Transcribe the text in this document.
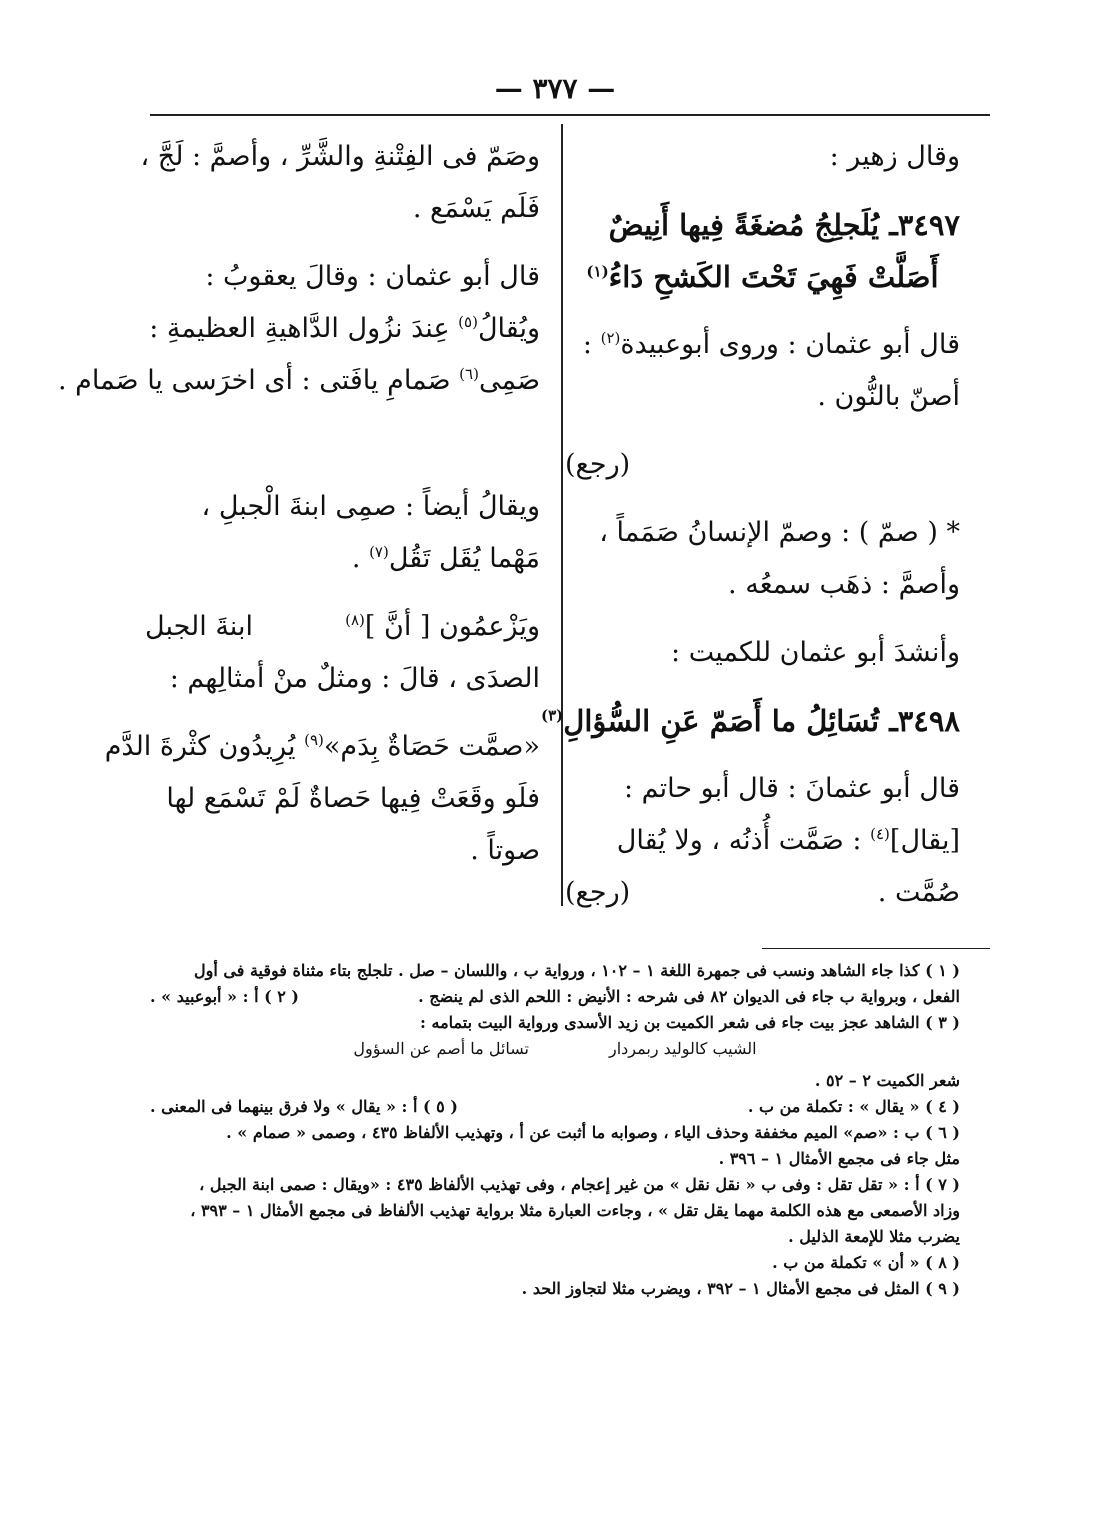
— ٣٧٧ —
وقال زهير :
٣٤٩٧ـ يُلَجلِجُ مُضغَةً فِيها أَنِيضٌ
أَصَلَّتْ فَهِيَ تَحْتَ الكَشحِ دَاءُ$^{(١)}$
قال أبو عثمان : وروى أبوعبيدة$^{(٢)}$ :
أصنّ بالنُّون .
(رجع)
* ( صمّ ) : وصمّ الإنسانُ صَمَماً ،
وأصمَّ : ذهَب سمعُه .
وأنشدَ أبو عثمان للكميت :
٣٤٩٨ـ تُسَائِلُ ما أَصَمّ عَنِ السُّؤالِ$^{(٣)}$
قال أبو عثمانَ : قال أبو حاتم :
[يقال]$^{(٤)}$ : صَمَّت أُذنُه ، ولا يُقال
صُمَّت .
(رجع)
وصَمّ فى الفِتْنةِ والشَّرِّ ، وأصمَّ : لَجَّ ،
فَلَم يَسْمَع .
قال أبو عثمان : وقالَ يعقوبُ :
ويُقالُ$^{(٥)}$ عِندَ نزُول الدَّاهيةِ العظيمةِ :
صَمِى$^{(٦)}$ صَمامِ يافَتى : أى اخرَسى يا صَمام .
ويقالُ أيضاً : صمِى ابنةَ الْجبلِ ،
مَهْما يُقَل تَقُل$^{(٧)}$ .
ويَزْعمُون [ أنَّ ]$^{(٨)}$
ابنةَ الجبل
الصدَى ، قالَ : ومثلٌ منْ أمثالِهم :
«صمَّت حَصَاةٌ بِدَم»$^{(٩)}$ يُرِيدُون كثْرةَ الدَّم
فلَو وقَعَتْ فِيها حَصاةٌ لَمْ تَسْمَع لها
صوتاً .
( ١ ) كذا جاء الشاهد ونسب فى جمهرة اللغة ١ – ١٠٢ ، ورواية ب ، واللسان – صل . تلجلج بتاء مثناة فوقية فى أول
الفعل ، وبرواية ب جاء فى الديوان ٨٢ فى شرحه : الأنيض : اللحم الذى لم ينضج .
( ٢ ) أ : « أبوعبيد » .
( ٣ ) الشاهد عجز بيت جاء فى شعر الكميت بن زيد الأسدى ورواية البيت بتمامه :
الشيب كالوليد ربمردار
تسائل ما أصم عن السؤول
شعر الكميت ٢ – ٥٢ .
( ٤ ) « يقال » : تكملة من ب .
( ٥ ) أ : « يقال » ولا فرق بينهما فى المعنى .
( ٦ ) ب : «صم» الميم مخففة وحذف الياء ، وصوابه ما أثبت عن أ ، وتهذيب الألفاظ ٤٣٥ ، وصمى « صمام » .
مثل جاء فى مجمع الأمثال ١ – ٣٩٦ .
( ٧ ) أ : « تقل تقل : وفى ب « نقل نقل » من غير إعجام ، وفى تهذيب الألفاظ ٤٣٥ : «ويقال : صمى ابنة الجبل ،
وزاد الأصمعى مع هذه الكلمة مهما يقل تقل » ، وجاءت العبارة مثلا برواية تهذيب الألفاظ فى مجمع الأمثال ١ – ٣٩٣ ،
يضرب مثلا للإمعة الذليل .
( ٨ ) « أن » تكملة من ب .
( ٩ ) المثل فى مجمع الأمثال ١ – ٣٩٢ ، ويضرب مثلا لتجاوز الحد .
